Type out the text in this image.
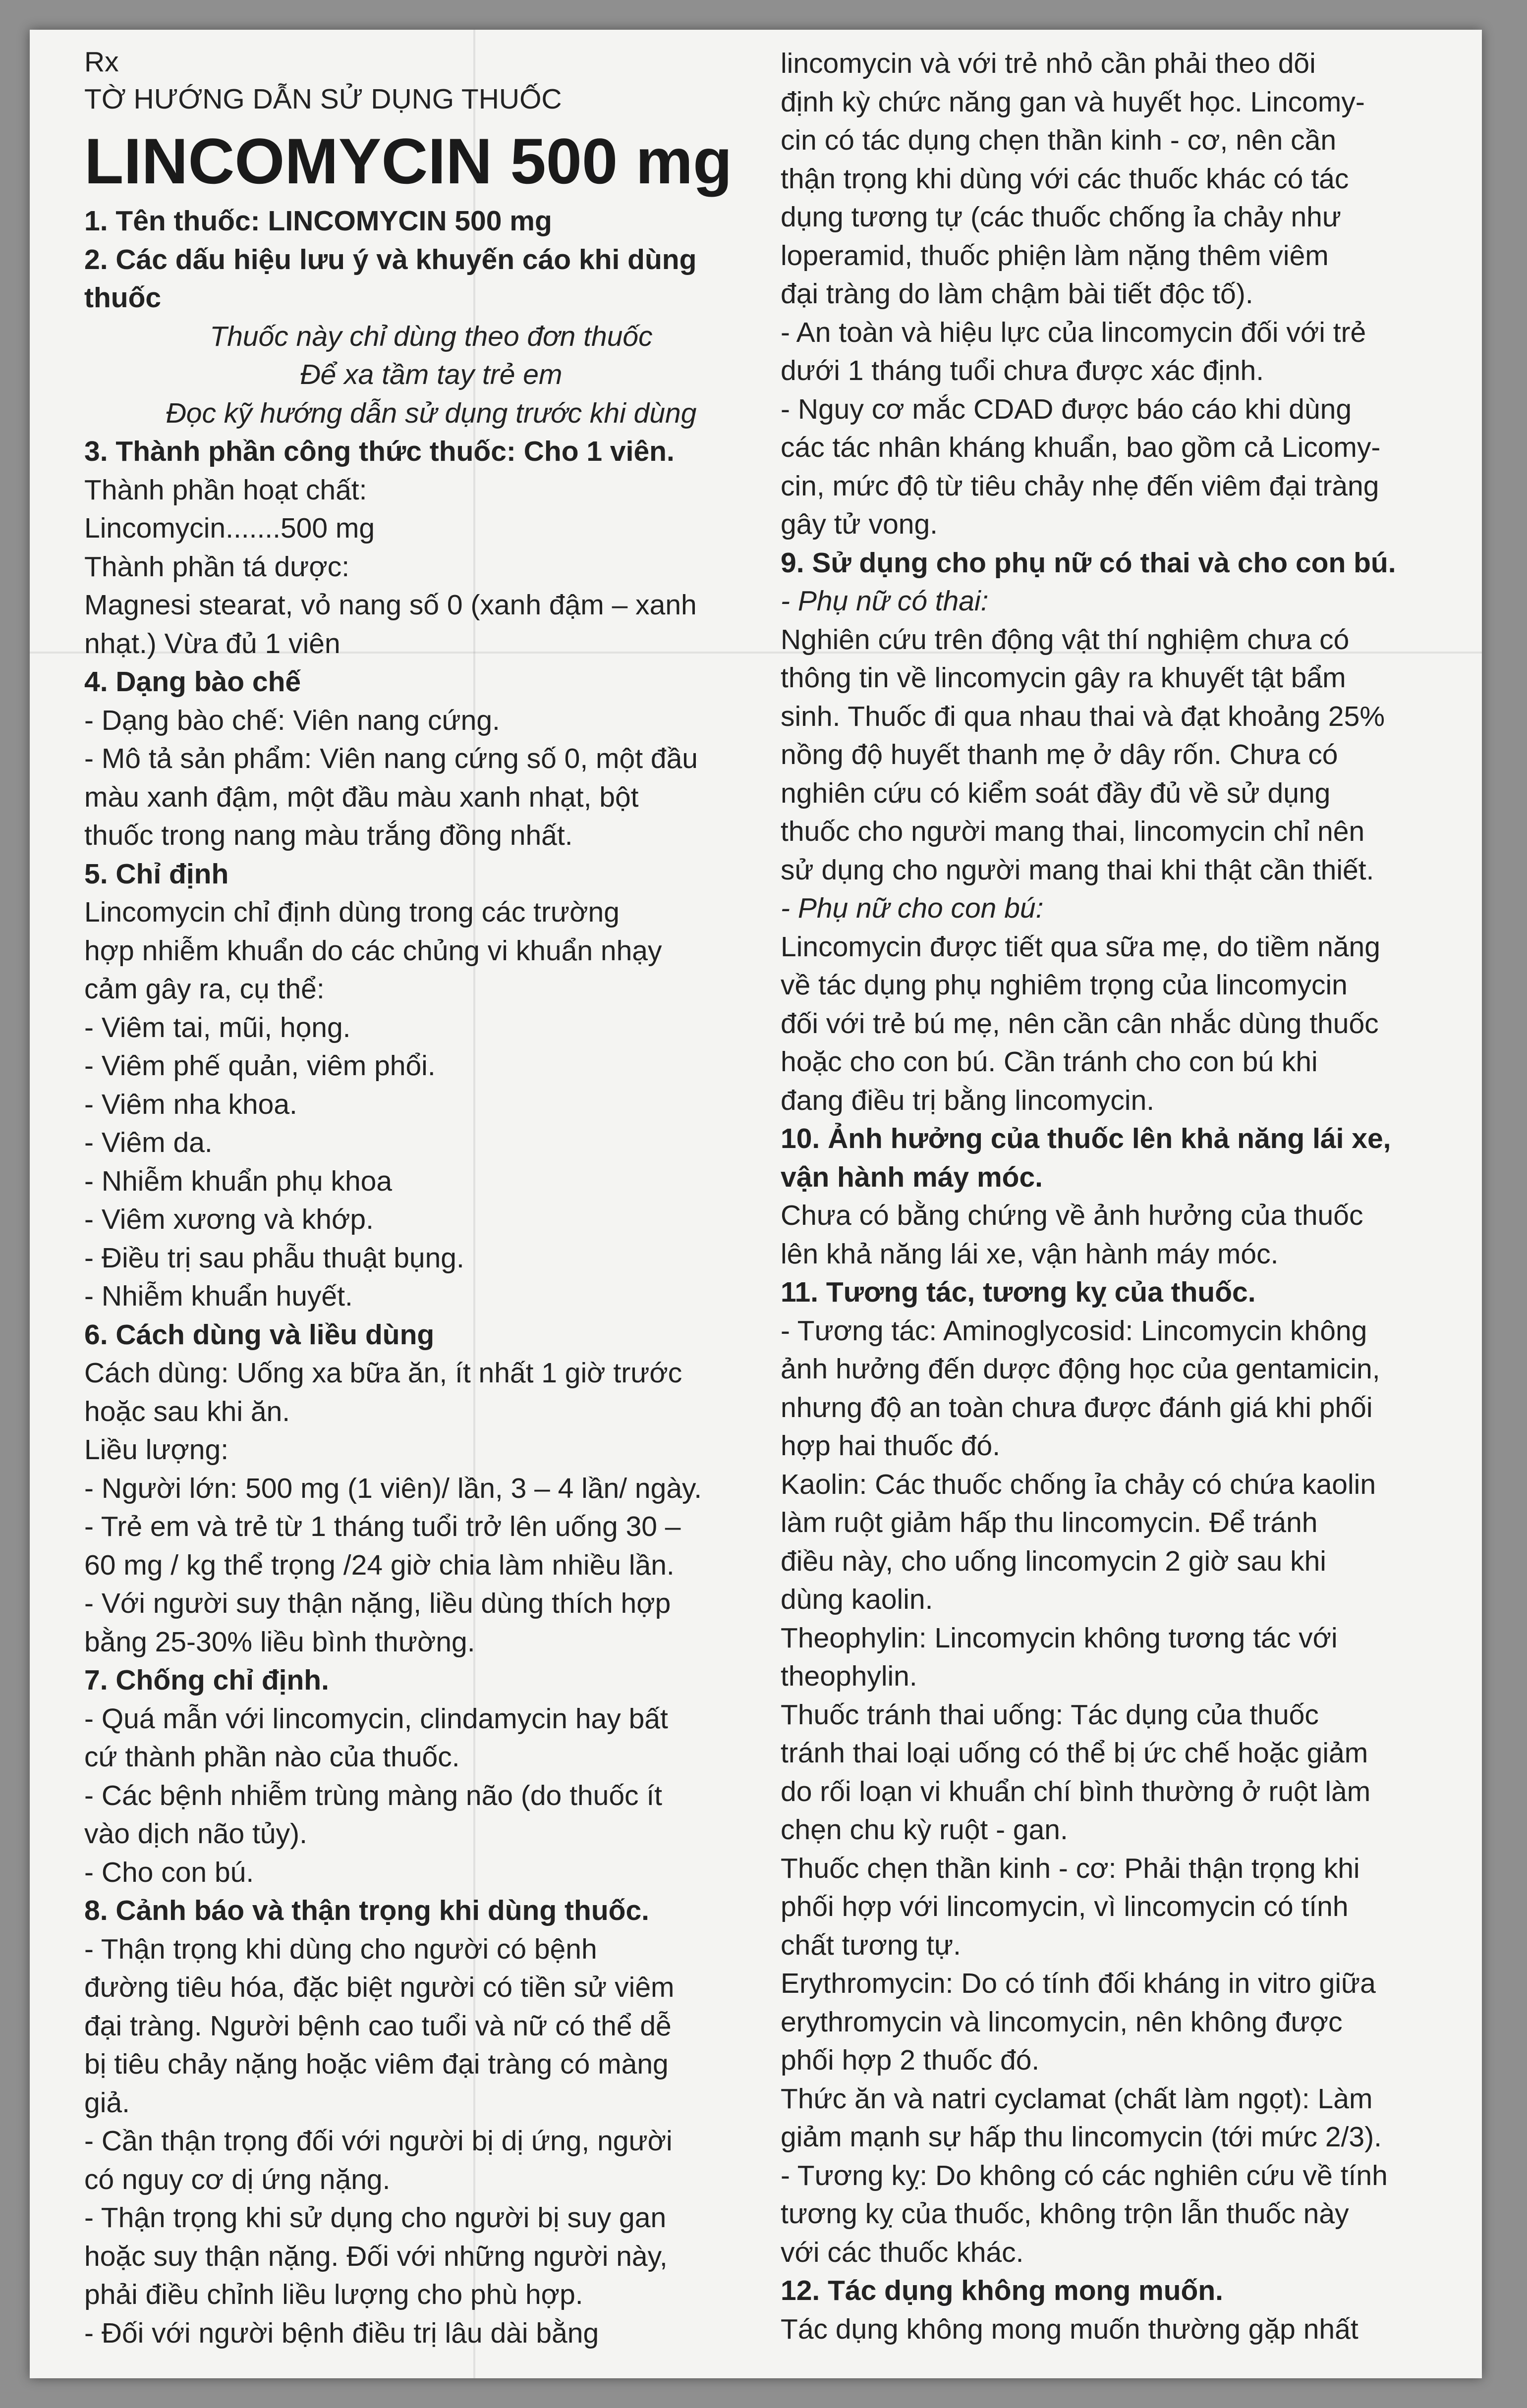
Rx
TỜ HƯỚNG DẪN SỬ DỤNG THUỐC
LINCOMYCIN 500 mg
1. Tên thuốc: LINCOMYCIN 500 mg
2. Các dấu hiệu lưu ý và khuyến cáo khi dùng
thuốc
Thuốc này chỉ dùng theo đơn thuốc
Để xa tầm tay trẻ em
Đọc kỹ hướng dẫn sử dụng trước khi dùng
3. Thành phần công thức thuốc: Cho 1 viên.
Thành phần hoạt chất:
Lincomycin.......500 mg
Thành phần tá dược:
Magnesi stearat, vỏ nang số 0 (xanh đậm – xanh
nhạt.) Vừa đủ 1 viên
4. Dạng bào chế
- Dạng bào chế: Viên nang cứng.
- Mô tả sản phẩm: Viên nang cứng số 0, một đầu
màu xanh đậm, một đầu màu xanh nhạt, bột
thuốc trong nang màu trắng đồng nhất.
5. Chỉ định
Lincomycin chỉ định dùng trong các trường
hợp nhiễm khuẩn do các chủng vi khuẩn nhạy
cảm gây ra, cụ thể:
- Viêm tai, mũi, họng.
- Viêm phế quản, viêm phổi.
- Viêm nha khoa.
- Viêm da.
- Nhiễm khuẩn phụ khoa
- Viêm xương và khớp.
- Điều trị sau phẫu thuật bụng.
- Nhiễm khuẩn huyết.
6. Cách dùng và liều dùng
Cách dùng: Uống xa bữa ăn, ít nhất 1 giờ trước
hoặc sau khi ăn.
Liều lượng:
- Người lớn: 500 mg (1 viên)/ lần, 3 – 4 lần/ ngày.
- Trẻ em và trẻ từ 1 tháng tuổi trở lên uống 30 –
60 mg / kg thể trọng /24 giờ chia làm nhiều lần.
- Với người suy thận nặng, liều dùng thích hợp
bằng 25-30% liều bình thường.
7. Chống chỉ định.
- Quá mẫn với lincomycin, clindamycin hay bất
cứ thành phần nào của thuốc.
- Các bệnh nhiễm trùng màng não (do thuốc ít
vào dịch não tủy).
- Cho con bú.
8. Cảnh báo và thận trọng khi dùng thuốc.
- Thận trọng khi dùng cho người có bệnh
đường tiêu hóa, đặc biệt người có tiền sử viêm
đại tràng. Người bệnh cao tuổi và nữ có thể dễ
bị tiêu chảy nặng hoặc viêm đại tràng có màng
giả.
- Cần thận trọng đối với người bị dị ứng, người
có nguy cơ dị ứng nặng.
- Thận trọng khi sử dụng cho người bị suy gan
hoặc suy thận nặng. Đối với những người này,
phải điều chỉnh liều lượng cho phù hợp.
- Đối với người bệnh điều trị lâu dài bằng
lincomycin và với trẻ nhỏ cần phải theo dõi
định kỳ chức năng gan và huyết học. Lincomy-
cin có tác dụng chẹn thần kinh - cơ, nên cần
thận trọng khi dùng với các thuốc khác có tác
dụng tương tự (các thuốc chống ỉa chảy như
loperamid, thuốc phiện làm nặng thêm viêm
đại tràng do làm chậm bài tiết độc tố).
- An toàn và hiệu lực của lincomycin đối với trẻ
dưới 1 tháng tuổi chưa được xác định.
- Nguy cơ mắc CDAD được báo cáo khi dùng
các tác nhân kháng khuẩn, bao gồm cả Licomy-
cin, mức độ từ tiêu chảy nhẹ đến viêm đại tràng
gây tử vong.
9. Sử dụng cho phụ nữ có thai và cho con bú.
- Phụ nữ có thai:
Nghiên cứu trên động vật thí nghiệm chưa có
thông tin về lincomycin gây ra khuyết tật bẩm
sinh. Thuốc đi qua nhau thai và đạt khoảng 25%
nồng độ huyết thanh mẹ ở dây rốn. Chưa có
nghiên cứu có kiểm soát đầy đủ về sử dụng
thuốc cho người mang thai, lincomycin chỉ nên
sử dụng cho người mang thai khi thật cần thiết.
- Phụ nữ cho con bú:
Lincomycin được tiết qua sữa mẹ, do tiềm năng
về tác dụng phụ nghiêm trọng của lincomycin
đối với trẻ bú mẹ, nên cần cân nhắc dùng thuốc
hoặc cho con bú. Cần tránh cho con bú khi
đang điều trị bằng lincomycin.
10. Ảnh hưởng của thuốc lên khả năng lái xe,
vận hành máy móc.
Chưa có bằng chứng về ảnh hưởng của thuốc
lên khả năng lái xe, vận hành máy móc.
11. Tương tác, tương kỵ của thuốc.
- Tương tác: Aminoglycosid: Lincomycin không
ảnh hưởng đến dược động học của gentamicin,
nhưng độ an toàn chưa được đánh giá khi phối
hợp hai thuốc đó.
Kaolin: Các thuốc chống ỉa chảy có chứa kaolin
làm ruột giảm hấp thu lincomycin. Để tránh
điều này, cho uống lincomycin 2 giờ sau khi
dùng kaolin.
Theophylin: Lincomycin không tương tác với
theophylin.
Thuốc tránh thai uống: Tác dụng của thuốc
tránh thai loại uống có thể bị ức chế hoặc giảm
do rối loạn vi khuẩn chí bình thường ở ruột làm
chẹn chu kỳ ruột - gan.
Thuốc chẹn thần kinh - cơ: Phải thận trọng khi
phối hợp với lincomycin, vì lincomycin có tính
chất tương tự.
Erythromycin: Do có tính đối kháng in vitro giữa
erythromycin và lincomycin, nên không được
phối hợp 2 thuốc đó.
Thức ăn và natri cyclamat (chất làm ngọt): Làm
giảm mạnh sự hấp thu lincomycin (tới mức 2/3).
- Tương kỵ: Do không có các nghiên cứu về tính
tương kỵ của thuốc, không trộn lẫn thuốc này
với các thuốc khác.
12. Tác dụng không mong muốn.
Tác dụng không mong muốn thường gặp nhất
